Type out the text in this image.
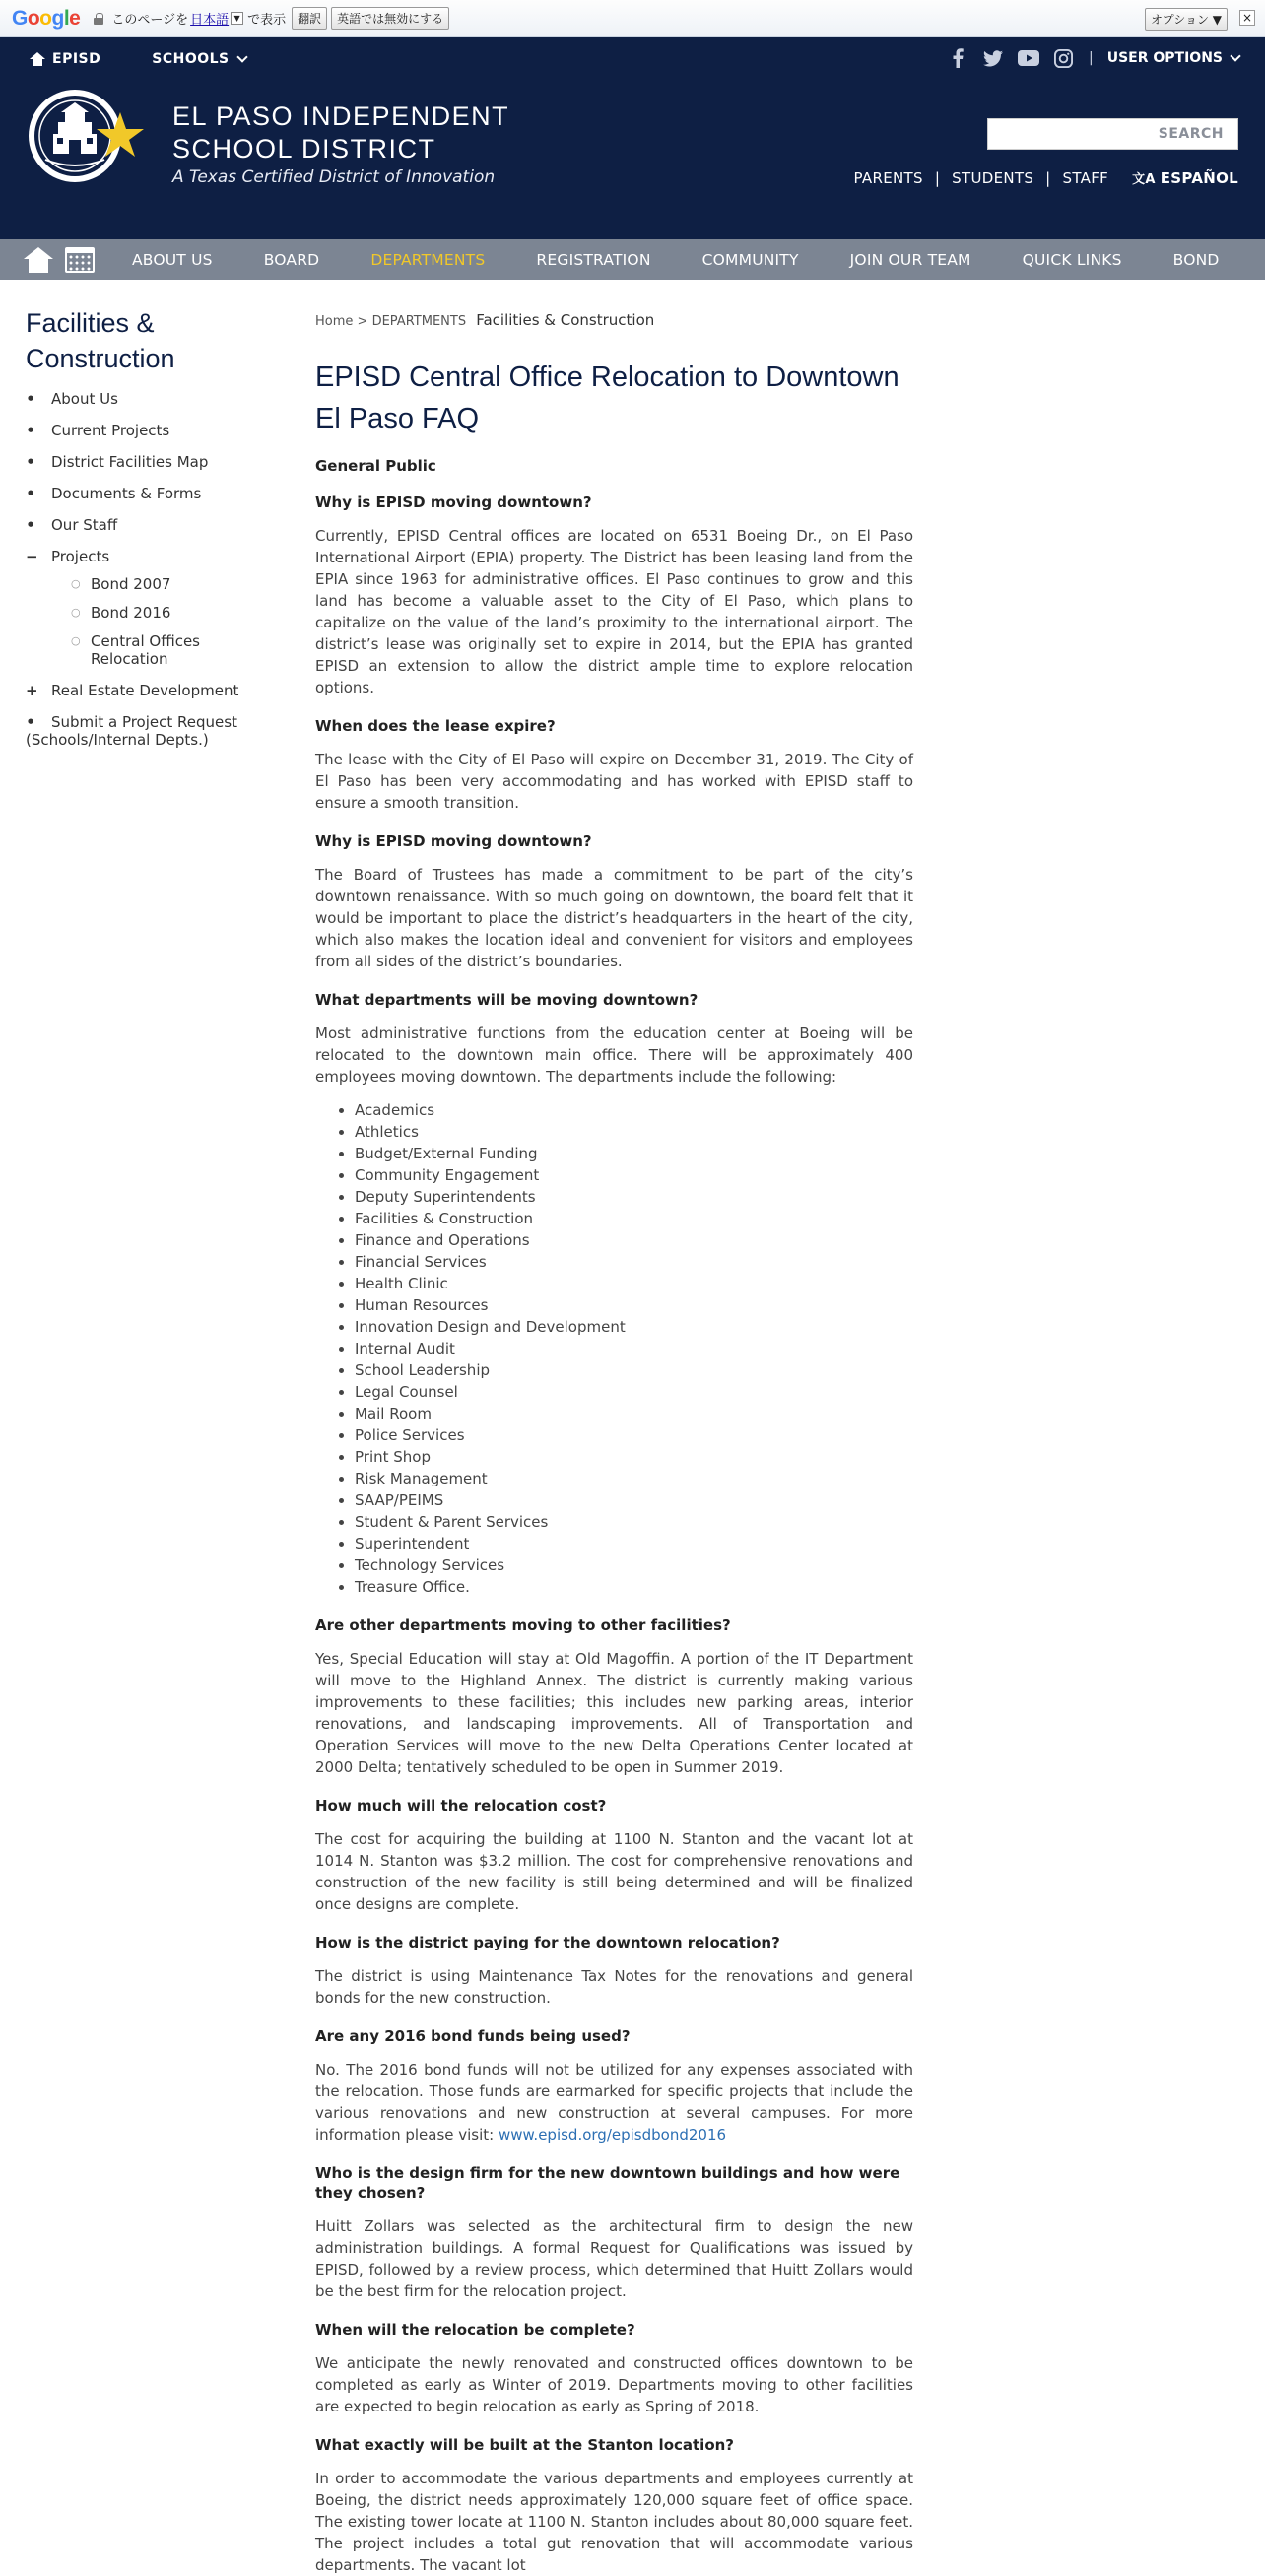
Google このページを 日本語 ▼ で表示	翻訳	英語では無効にする	オプション ▼	×
EPISD	SCHOOLS	| USER OPTIONS
EL PASO INDEPENDENT
SCHOOL DISTRICT
A Texas Certified District of Innovation
SEARCH
PARENTS | STUDENTS | STAFF 文A ESPAÑOL
ABOUT US	BOARD	DEPARTMENTS	REGISTRATION	COMMUNITY	JOIN OUR TEAM	QUICK LINKS	BOND
Facilities & Construction
• About Us
• Current Projects
• District Facilities Map
• Documents & Forms
• Our Staff
− Projects
○ Bond 2007
○ Bond 2016
○ Central Offices Relocation
+ Real Estate Development
• Submit a Project Request (Schools/Internal Depts.)
Home > DEPARTMENTS Facilities & Construction
EPISD Central Office Relocation to Downtown El Paso FAQ
General Public
Why is EPISD moving downtown?

Currently, EPISD Central offices are located on 6531 Boeing Dr., on El Paso International Airport (EPIA) property. The District has been leasing land from the EPIA since 1963 for administrative offices. El Paso continues to grow and this land has become a valuable asset to the City of El Paso, which plans to capitalize on the value of the land’s proximity to the international airport. The district’s lease was originally set to expire in 2014, but the EPIA has granted EPISD an extension to allow the district ample time to explore relocation options.

When does the lease expire?

The lease with the City of El Paso will expire on December 31, 2019. The City of El Paso has been very accommodating and has worked with EPISD staff to ensure a smooth transition.

Why is EPISD moving downtown?

The Board of Trustees has made a commitment to be part of the city’s downtown renaissance. With so much going on downtown, the board felt that it would be important to place the district’s headquarters in the heart of the city, which also makes the location ideal and convenient for visitors and employees from all sides of the district’s boundaries.

What departments will be moving downtown?

Most administrative functions from the education center at Boeing will be relocated to the downtown main office. There will be approximately 400 employees moving downtown. The departments include the following:

• Academics
• Athletics
• Budget/External Funding
• Community Engagement
• Deputy Superintendents
• Facilities & Construction
• Finance and Operations
• Financial Services
• Health Clinic
• Human Resources
• Innovation Design and Development
• Internal Audit
• School Leadership
• Legal Counsel
• Mail Room
• Police Services
• Print Shop
• Risk Management
• SAAP/PEIMS
• Student & Parent Services
• Superintendent
• Technology Services
• Treasure Office.
Are other departments moving to other facilities?

Yes, Special Education will stay at Old Magoffin. A portion of the IT Department will move to the Highland Annex. The district is currently making various improvements to these facilities; this includes new parking areas, interior renovations, and landscaping improvements. All of Transportation and Operation Services will move to the new Delta Operations Center located at 2000 Delta; tentatively scheduled to be open in Summer 2019.

How much will the relocation cost?

The cost for acquiring the building at 1100 N. Stanton and the vacant lot at 1014 N. Stanton was $3.2 million. The cost for comprehensive renovations and construction of the new facility is still being determined and will be finalized once designs are complete.

How is the district paying for the downtown relocation?

The district is using Maintenance Tax Notes for the renovations and general bonds for the new construction.

Are any 2016 bond funds being used?

No. The 2016 bond funds will not be utilized for any expenses associated with the relocation. Those funds are earmarked for specific projects that include the various renovations and new construction at several campuses. For more information please visit: www.episd.org/episdbond2016

Who is the design firm for the new downtown buildings and how were they chosen?

Huitt Zollars was selected as the architectural firm to design the new administration buildings. A formal Request for Qualifications was issued by EPISD, followed by a review process, which determined that Huitt Zollars would be the best firm for the relocation project.

When will the relocation be complete?

We anticipate the newly renovated and constructed offices downtown to be completed as early as Winter of 2019. Departments moving to other facilities are expected to begin relocation as early as Spring of 2018.

What exactly will be built at the Stanton location?

In order to accommodate the various departments and employees currently at Boeing, the district needs approximately 120,000 square feet of office space. The existing tower locate at 1100 N. Stanton includes about 80,000 square feet. The project includes a total gut renovation that will accommodate various departments. The vacant lot
